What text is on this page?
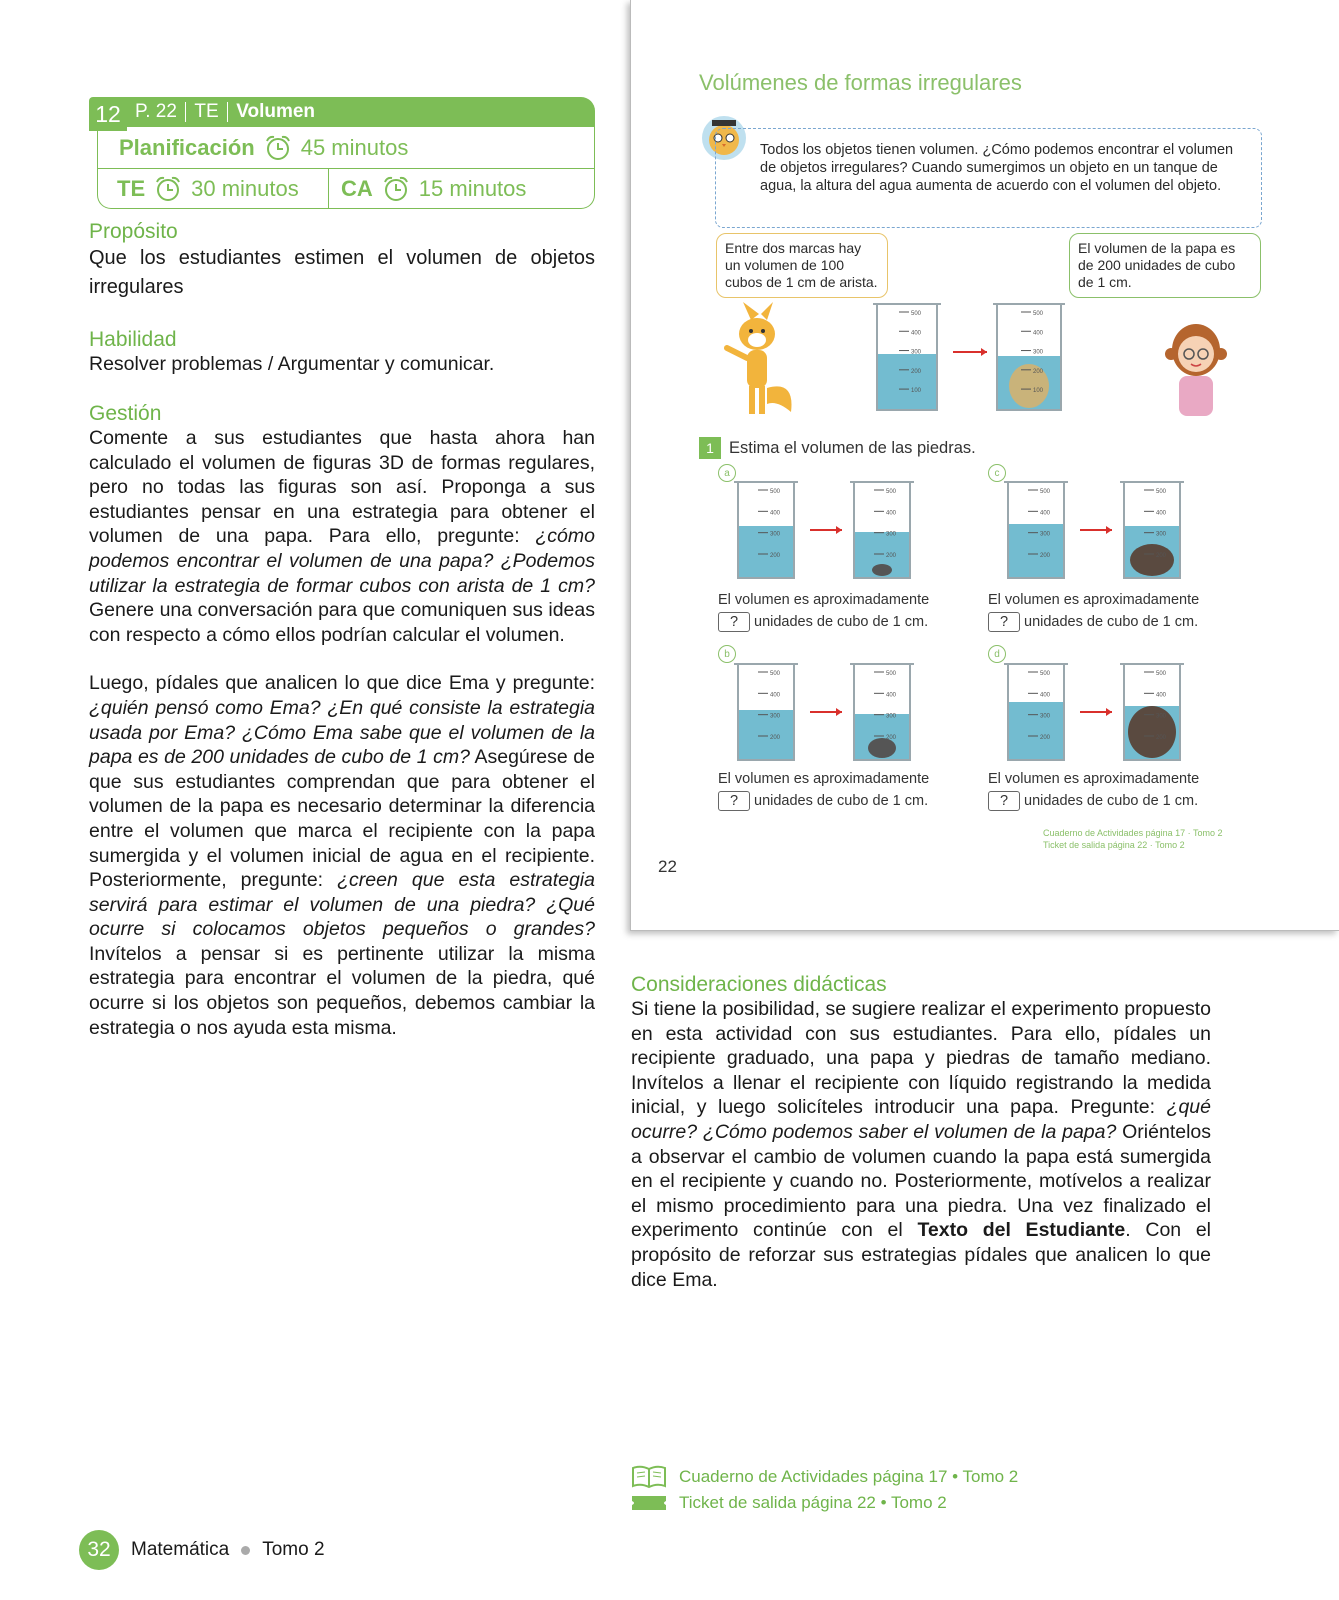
12 P. 22 TE Volumen
Planificación 45 minutos
TE 30 minutos CA 15 minutos
Propósito
Que los estudiantes estimen el volumen de objetos irregulares
Habilidad
Resolver problemas / Argumentar y comunicar.
Gestión

Comente a sus estudiantes que hasta ahora han calculado el volumen de figuras 3D de formas regulares, pero no todas las figuras son así. Proponga a sus estudiantes pensar en una estrategia para obtener el volumen de una papa. Para ello, pregunte: ¿cómo podemos encontrar el volumen de una papa? ¿Podemos utilizar la estrategia de formar cubos con arista de 1 cm? Genere una conversación para que comuniquen sus ideas con respecto a cómo ellos podrían calcular el volumen.

Luego, pídales que analicen lo que dice Ema y pregunte: ¿quién pensó como Ema? ¿En qué consiste la estrategia usada por Ema? ¿Cómo Ema sabe que el volumen de la papa es de 200 unidades de cubo de 1 cm? Asegúrese de que sus estudiantes comprendan que para obtener el volumen de la papa es necesario determinar la diferencia entre el volumen que marca el recipiente con la papa sumergida y el volumen inicial de agua en el recipiente. Posteriormente, pregunte: ¿creen que esta estrategia servirá para estimar el volumen de una piedra? ¿Qué ocurre si colocamos objetos pequeños o grandes? Invítelos a pensar si es pertinente utilizar la misma estrategia para encontrar el volumen de la piedra, qué ocurre si los objetos son pequeños, debemos cambiar la estrategia o nos ayuda esta misma.

Volúmenes de formas irregulares
Todos los objetos tienen volumen. ¿Cómo podemos encontrar el volumen de objetos irregulares? Cuando sumergimos un objeto en un tanque de agua, la altura del agua aumenta de acuerdo con el volumen del objeto.
Entre dos marcas hay un volumen de 100 cubos de 1 cm de arista.
El volumen de la papa es de 200 unidades de cubo de 1 cm.
500
400
300
200
100
500
400
300
200
100
1 Estima el volumen de las piedras.
a
500
400
300
200
500
400
300
200
El volumen es aproximadamente
? unidades de cubo de 1 cm.
c
500
400
300
200
500
400
300
200
El volumen es aproximadamente
? unidades de cubo de 1 cm.
b
500
400
300
200
500
400
300
200
El volumen es aproximadamente
? unidades de cubo de 1 cm.
d
500
400
300
200
500
400
300
200
El volumen es aproximadamente
? unidades de cubo de 1 cm.
Cuaderno de Actividades página 17 · Tomo 2
Ticket de salida página 22 · Tomo 2
22
Consideraciones didácticas

Si tiene la posibilidad, se sugiere realizar el experimento propuesto en esta actividad con sus estudiantes. Para ello, pídales un recipiente graduado, una papa y piedras de tamaño mediano. Invítelos a llenar el recipiente con líquido registrando la medida inicial, y luego solicíteles introducir una papa. Pregunte: ¿qué ocurre? ¿Cómo podemos saber el volumen de la papa? Oriéntelos a observar el cambio de volumen cuando la papa está sumergida en el recipiente y cuando no. Posteriormente, motívelos a realizar el mismo procedimiento para una piedra. Una vez finalizado el experimento continúe con el Texto del Estudiante. Con el propósito de reforzar sus estrategias pídales que analicen lo que dice Ema.

Cuaderno de Actividades página 17 • Tomo 2
Ticket de salida página 22 • Tomo 2
32	Matemática Tomo 2
